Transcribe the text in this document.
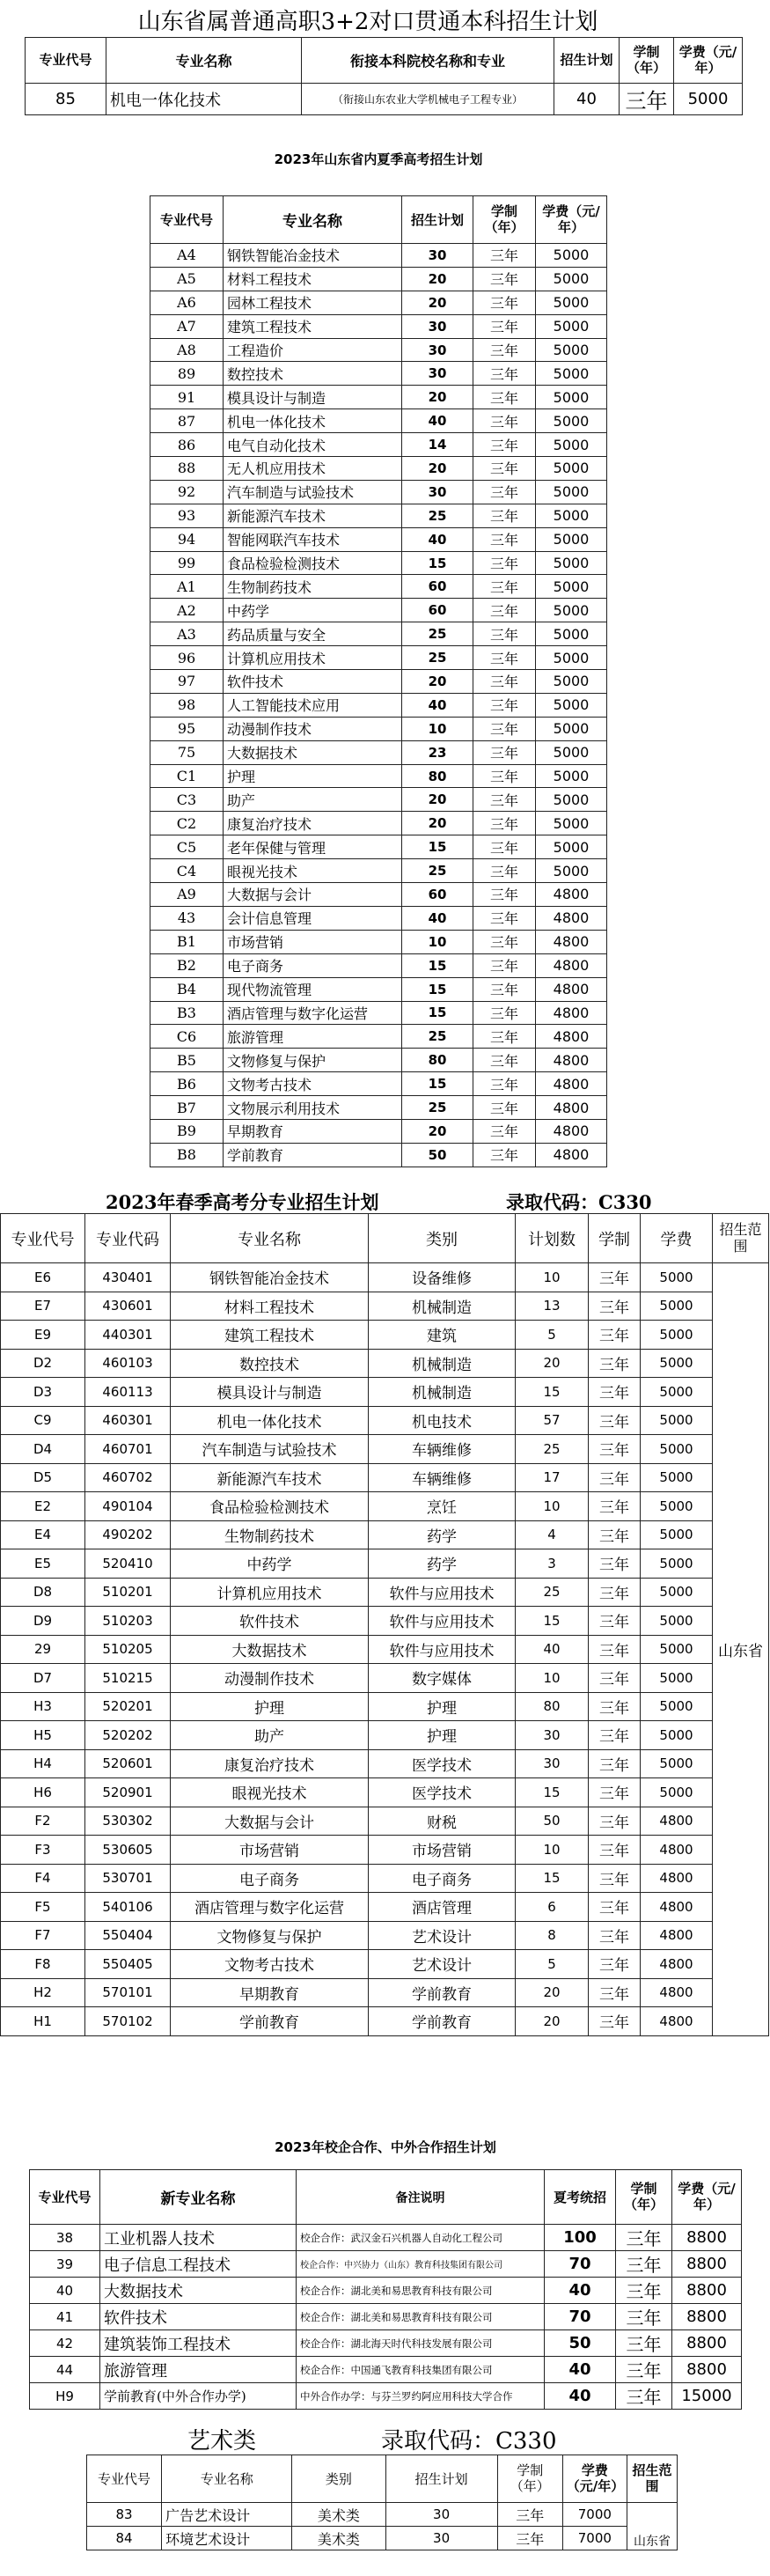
山东省属普通高职3+2对口贯通本科招生计划
专业代号	专业名称	衔接本科院校名称和专业	招生计划	学制（年）	学费（元/年）
85	机电一体化技术	（衔接山东农业大学机械电子工程专业）	40	三年	5000
2023年山东省内夏季高考招生计划
专业代号	专业名称	招生计划	学制（年）	学费（元/年）
A4	钢铁智能冶金技术	30	三年	5000
A5	材料工程技术	20	三年	5000
A6	园林工程技术	20	三年	5000
A7	建筑工程技术	30	三年	5000
A8	工程造价	30	三年	5000
89	数控技术	30	三年	5000
91	模具设计与制造	20	三年	5000
87	机电一体化技术	40	三年	5000
86	电气自动化技术	14	三年	5000
88	无人机应用技术	20	三年	5000
92	汽车制造与试验技术	30	三年	5000
93	新能源汽车技术	25	三年	5000
94	智能网联汽车技术	40	三年	5000
99	食品检验检测技术	15	三年	5000
A1	生物制药技术	60	三年	5000
A2	中药学	60	三年	5000
A3	药品质量与安全	25	三年	5000
96	计算机应用技术	25	三年	5000
97	软件技术	20	三年	5000
98	人工智能技术应用	40	三年	5000
95	动漫制作技术	10	三年	5000
75	大数据技术	23	三年	5000
C1	护理	80	三年	5000
C3	助产	20	三年	5000
C2	康复治疗技术	20	三年	5000
C5	老年保健与管理	15	三年	5000
C4	眼视光技术	25	三年	5000
A9	大数据与会计	60	三年	4800
43	会计信息管理	40	三年	4800
B1	市场营销	10	三年	4800
B2	电子商务	15	三年	4800
B4	现代物流管理	15	三年	4800
B3	酒店管理与数字化运营	15	三年	4800
C6	旅游管理	25	三年	4800
B5	文物修复与保护	80	三年	4800
B6	文物考古技术	15	三年	4800
B7	文物展示利用技术	25	三年	4800
B9	早期教育	20	三年	4800
B8	学前教育	50	三年	4800
2023年春季高考分专业招生计划	录取代码：C330
专业代号	专业代码	专业名称	类别	计划数	学制	学费	招生范围
E6	430401	钢铁智能冶金技术	设备维修	10	三年	5000	山东省
E7	430601	材料工程技术	机械制造	13	三年	5000	
E9	440301	建筑工程技术	建筑	5	三年	5000	
D2	460103	数控技术	机械制造	20	三年	5000	
D3	460113	模具设计与制造	机械制造	15	三年	5000	
C9	460301	机电一体化技术	机电技术	57	三年	5000	
D4	460701	汽车制造与试验技术	车辆维修	25	三年	5000	
D5	460702	新能源汽车技术	车辆维修	17	三年	5000	
E2	490104	食品检验检测技术	烹饪	10	三年	5000	
E4	490202	生物制药技术	药学	4	三年	5000	
E5	520410	中药学	药学	3	三年	5000	
D8	510201	计算机应用技术	软件与应用技术	25	三年	5000	
D9	510203	软件技术	软件与应用技术	15	三年	5000	
29	510205	大数据技术	软件与应用技术	40	三年	5000	
D7	510215	动漫制作技术	数字媒体	10	三年	5000	
H3	520201	护理	护理	80	三年	5000	
H5	520202	助产	护理	30	三年	5000	
H4	520601	康复治疗技术	医学技术	30	三年	5000	
H6	520901	眼视光技术	医学技术	15	三年	5000	
F2	530302	大数据与会计	财税	50	三年	4800	
F3	530605	市场营销	市场营销	10	三年	4800	
F4	530701	电子商务	电子商务	15	三年	4800	
F5	540106	酒店管理与数字化运营	酒店管理	6	三年	4800	
F7	550404	文物修复与保护	艺术设计	8	三年	4800	
F8	550405	文物考古技术	艺术设计	5	三年	4800	
H2	570101	早期教育	学前教育	20	三年	4800	
H1	570102	学前教育	学前教育	20	三年	4800	
2023年校企合作、中外合作招生计划
专业代号	新专业名称	备注说明	夏考统招	学制（年）	学费（元/年）
38	工业机器人技术	校企合作：武汉金石兴机器人自动化工程公司	100	三年	8800
39	电子信息工程技术	校企合作：中兴协力（山东）教育科技集团有限公司	70	三年	8800
40	大数据技术	校企合作：湖北美和易思教育科技有限公司	40	三年	8800
41	软件技术	校企合作：湖北美和易思教育科技有限公司	70	三年	8800
42	建筑装饰工程技术	校企合作：湖北海天时代科技发展有限公司	50	三年	8800
44	旅游管理	校企合作：中国通飞教育科技集团有限公司	40	三年	8800
H9	学前教育(中外合作办学)	中外合作办学：与芬兰罗约阿应用科技大学合作	40	三年	15000
艺术类	录取代码：C330
专业代号	专业名称	类别	招生计划	学制（年）	学费（元/年）	招生范围
83	广告艺术设计	美术类	30	三年	7000	山东省
84	环境艺术设计	美术类	30	三年	7000	
